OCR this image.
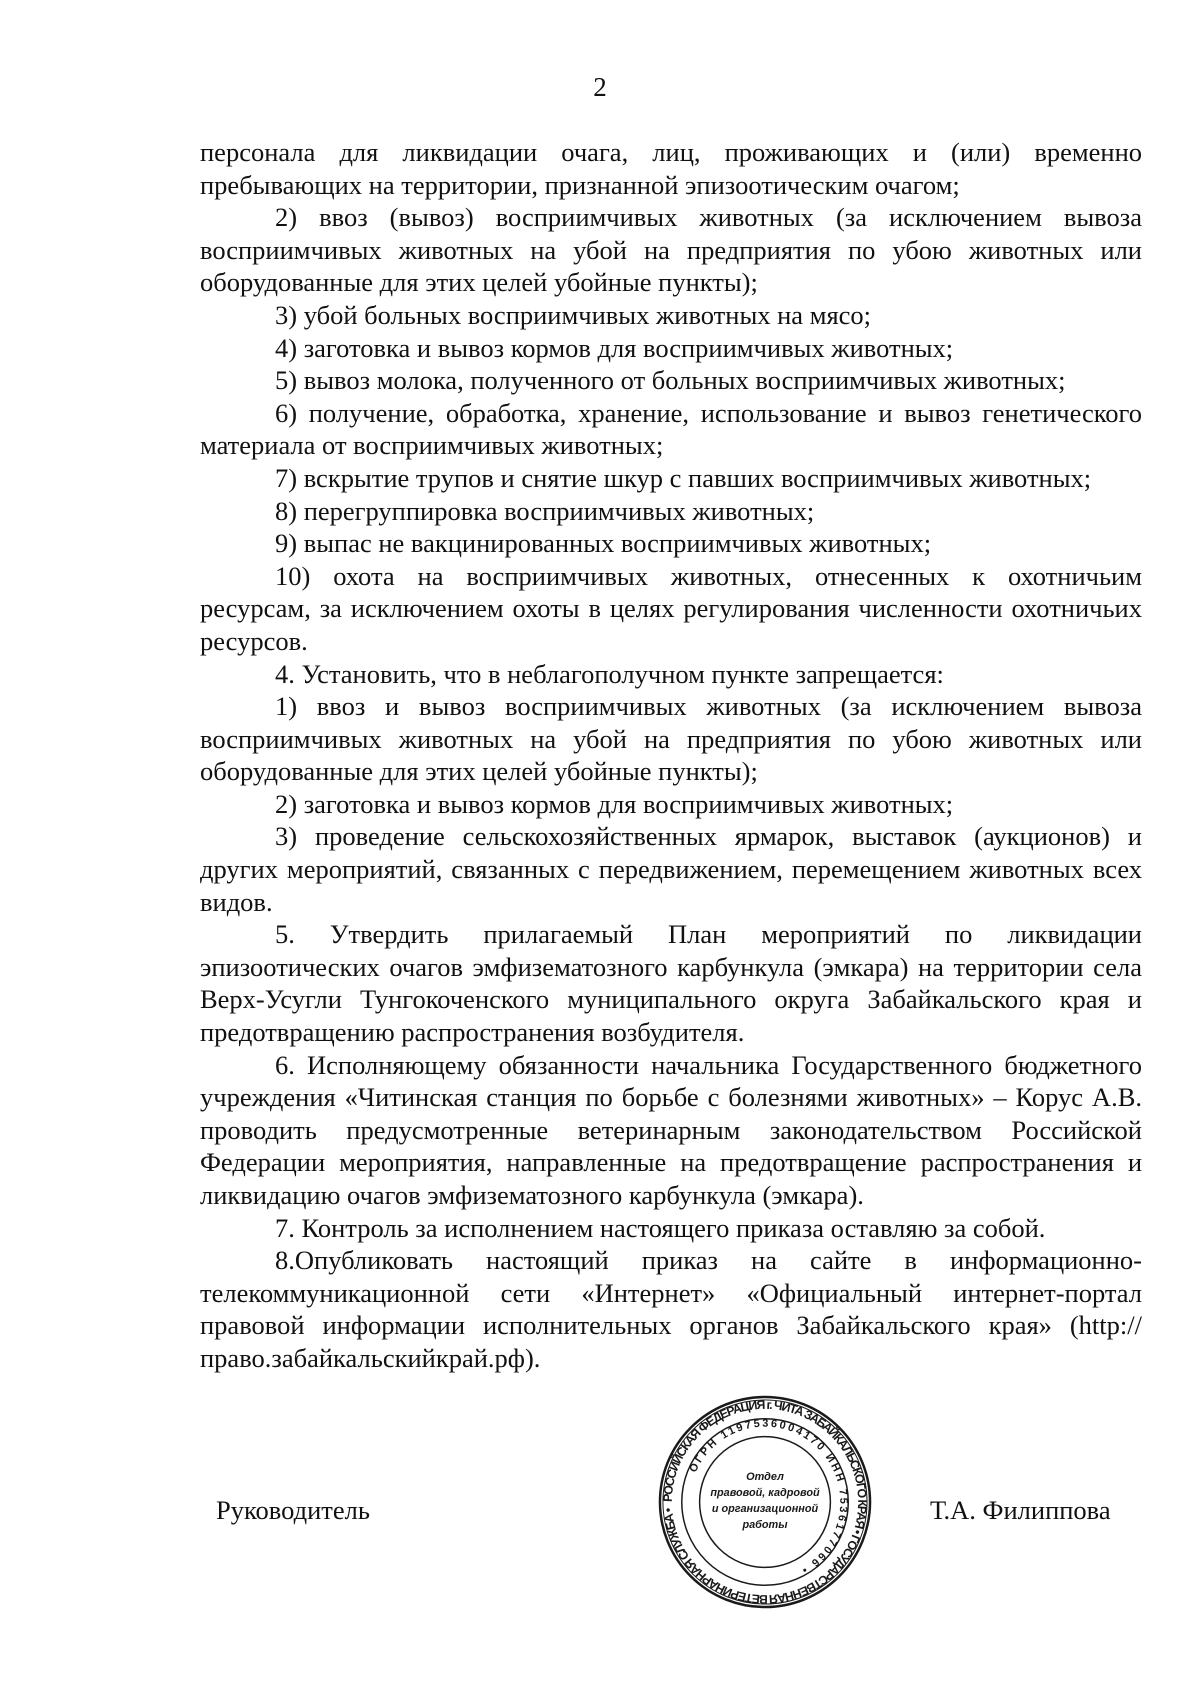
2

персонала для ликвидации очага, лиц, проживающих и (или) временно пребывающих на территории, признанной эпизоотическим очагом;

2) ввоз (вывоз) восприимчивых животных (за исключением вывоза восприимчивых животных на убой на предприятия по убою животных или оборудованные для этих целей убойные пункты);

3) убой больных восприимчивых животных на мясо;

4) заготовка и вывоз кормов для восприимчивых животных;

5) вывоз молока, полученного от больных восприимчивых животных;

6) получение, обработка, хранение, использование и вывоз генетического материала от восприимчивых животных;

7) вскрытие трупов и снятие шкур с павших восприимчивых животных;

8) перегруппировка восприимчивых животных;

9) выпас не вакцинированных восприимчивых животных;

10) охота на восприимчивых животных, отнесенных к охотничьим ресурсам, за исключением охоты в целях регулирования численности охотничьих ресурсов.

4. Установить, что в неблагополучном пункте запрещается:

1) ввоз и вывоз восприимчивых животных (за исключением вывоза восприимчивых животных на убой на предприятия по убою животных или оборудованные для этих целей убойные пункты);

2) заготовка и вывоз кормов для восприимчивых животных;

3) проведение сельскохозяйственных ярмарок, выставок (аукционов) и других мероприятий, связанных с передвижением, перемещением животных всех видов.

5. Утвердить прилагаемый План мероприятий по ликвидации эпизоотических очагов эмфизематозного карбункула (эмкара) на территории села Верх-Усугли Тунгокоченского муниципального округа Забайкальского края и предотвращению распространения возбудителя.

6. Исполняющему обязанности начальника Государственного бюджетного учреждения «Читинская станция по борьбе с болезнями животных» – Корус А.В. проводить предусмотренные ветеринарным законодательством Российской Федерации мероприятия, направленные на предотвращение распространения и ликвидацию очагов эмфизематозного карбункула (эмкара).

7. Контроль за исполнением настоящего приказа оставляю за собой.

8.Опубликовать настоящий приказ на сайте в информационно-телекоммуникационной сети «Интернет» «Официальный интернет-портал правовой информации исполнительных органов Забайкальского края» (http://право.забайкальскийкрай.рф).

Руководитель	Т.А. Филиппова
РОССИЙСКАЯ ФЕДЕРАЦИЯ г. ЧИТА ЗАБАЙКАЛЬСКОГО КРАЯ • ГОСУДАРСТВЕННАЯ ВЕТЕРИНАРНАЯ СЛУЖБА •
ОГРН 1197536004170 ИНН 7536177066 •
Отдел
правовой, кадровой
и организационной
работы
